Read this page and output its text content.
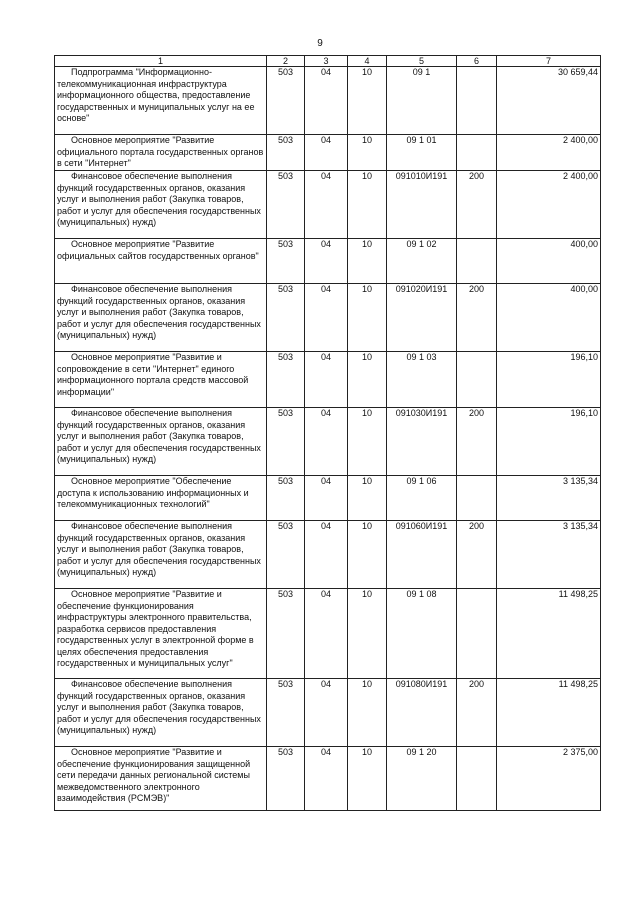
9
1	2	3	4	5	6	7
Подпрограмма "Информационно-телекоммуникационная инфраструктура информационного общества, предоставление государственных и муниципальных услуг на ее основе"	503	04	10	09 1		30 659,44
Основное мероприятие "Развитие официального портала государственных органов в сети "Интернет"	503	04	10	09 1 01		2 400,00
Финансовое обеспечение выполнения функций государственных органов, оказания услуг и выполнения работ (Закупка товаров, работ и услуг для обеспечения государственных (муниципальных) нужд)	503	04	10	091010И191	200	2 400,00
Основное мероприятие "Развитие официальных сайтов государственных органов"	503	04	10	09 1 02		400,00
Финансовое обеспечение выполнения функций государственных органов, оказания услуг и выполнения работ (Закупка товаров, работ и услуг для обеспечения государственных (муниципальных) нужд)	503	04	10	091020И191	200	400,00
Основное мероприятие "Развитие и сопровождение в сети "Интернет" единого информационного портала средств массовой информации"	503	04	10	09 1 03		196,10
Финансовое обеспечение выполнения функций государственных органов, оказания услуг и выполнения работ (Закупка товаров, работ и услуг для обеспечения государственных (муниципальных) нужд)	503	04	10	091030И191	200	196,10
Основное мероприятие "Обеспечение доступа к использованию информационных и телекоммуникационных технологий"	503	04	10	09 1 06		3 135,34
Финансовое обеспечение выполнения функций государственных органов, оказания услуг и выполнения работ (Закупка товаров, работ и услуг для обеспечения государственных (муниципальных) нужд)	503	04	10	091060И191	200	3 135,34
Основное мероприятие "Развитие и обеспечение функционирования инфраструктуры электронного правительства, разработка сервисов предоставления государственных услуг в электронной форме в целях обеспечения предоставления государственных и муниципальных услуг"	503	04	10	09 1 08		11 498,25
Финансовое обеспечение выполнения функций государственных органов, оказания услуг и выполнения работ (Закупка товаров, работ и услуг для обеспечения государственных (муниципальных) нужд)	503	04	10	091080И191	200	11 498,25
Основное мероприятие "Развитие и обеспечение функционирования защищенной сети передачи данных региональной системы межведомственного электронного взаимодействия (РСМЭВ)"	503	04	10	09 1 20		2 375,00
